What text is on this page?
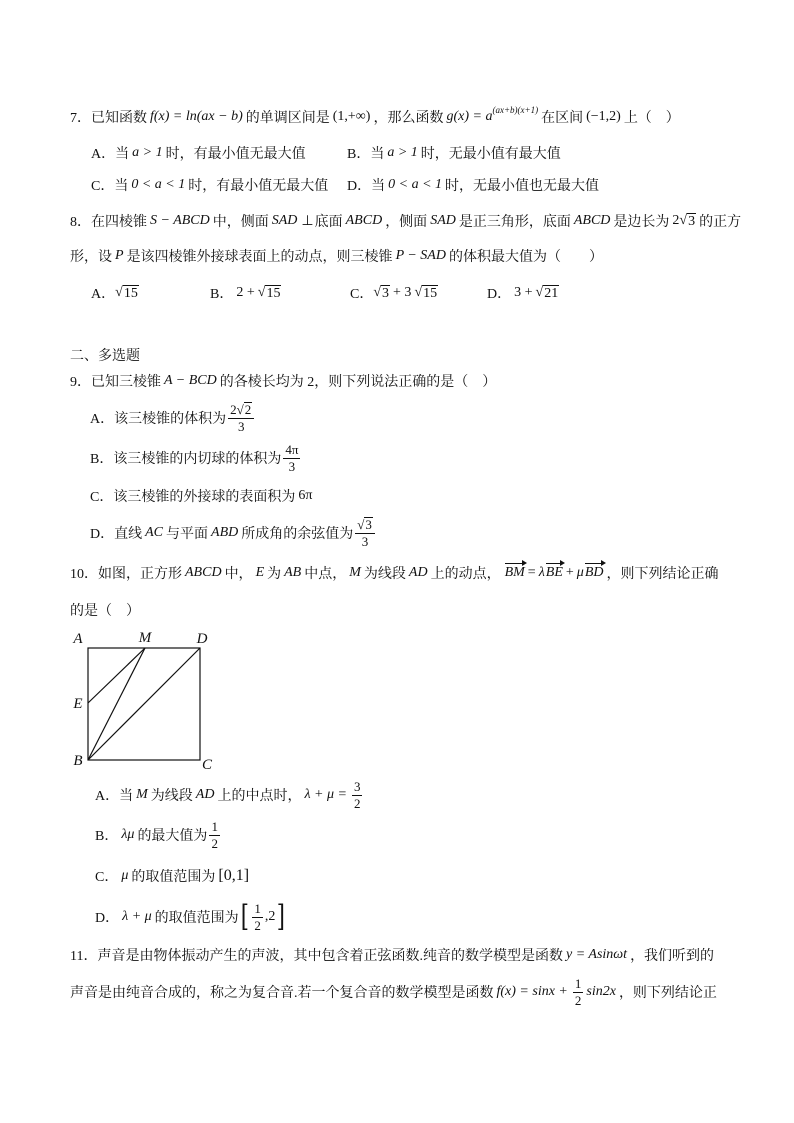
7．已知函数 f(x) = ln(ax − b) 的单调区间是 (1,+∞) ，那么函数 g(x) = a (ax+b)(x+1)
在区间 (−1,2) 上（　）
A．当 a > 1 时，有最小值无最大值	B．当 a > 1 时，无最小值有最大值
C．当 0 < a < 1 时，有最小值无最大值 D．当 0 < a < 1 时，无最小值也无最大值
8．在四棱锥 S − ABCD 中，侧面 SAD ⊥ 底面 ABCD ，侧面 SAD 是正三角形，底面 ABCD 是边长为 2
√ 3 的正方
形，设 P 是该四棱锥外接球表面上的动点，则三棱锥 P − SAD 的体积最大值为（　　）
A．
√ 15	B． 2 +
√ 15	C．
√ 3 + 3
√ 15	D． 3 +
√ 21
二、多选题
9．已知三棱锥 A − BCD 的各棱长均为 2，则下列说法正确的是（　）
A．该三棱锥的体积为 2
√ 2
3
B．该三棱锥的内切球的体积为 $\frac{4\pi}{3}$
C．该三棱锥的外接球的表面积为 6π
D．直线 AC 与平面 ABD 所成角的余弦值为
√ $\frac{3}{3}$
10．如图，正方形 ABCD 中， E 为 AB 中点， M 为线段 AD 上的动点， BM = λ BE + μ BD ，则下列结论正确
的是（　）
A	M	D
E
B	C
A．当 M 为线段 AD 上的中点时， $\lambda + \mu = \frac{3}{2}$
B． λμ 的最大值为 $\frac{1}{2}$
C． μ 的取值范围为 [0,1]
D． λ + μ 的取值范围为 [ $\frac{1}{2} ,2$ ]
11．声音是由物体振动产生的声波，其中包含着正弦函数.纯音的数学模型是函数 y = Asinωt ，我们听到的
声音是由纯音合成的，称之为复合音.若一个复合音的数学模型是函数 $f(x) = \sin x + \frac{1}{2} \sin 2x$ ，则下列结论正
